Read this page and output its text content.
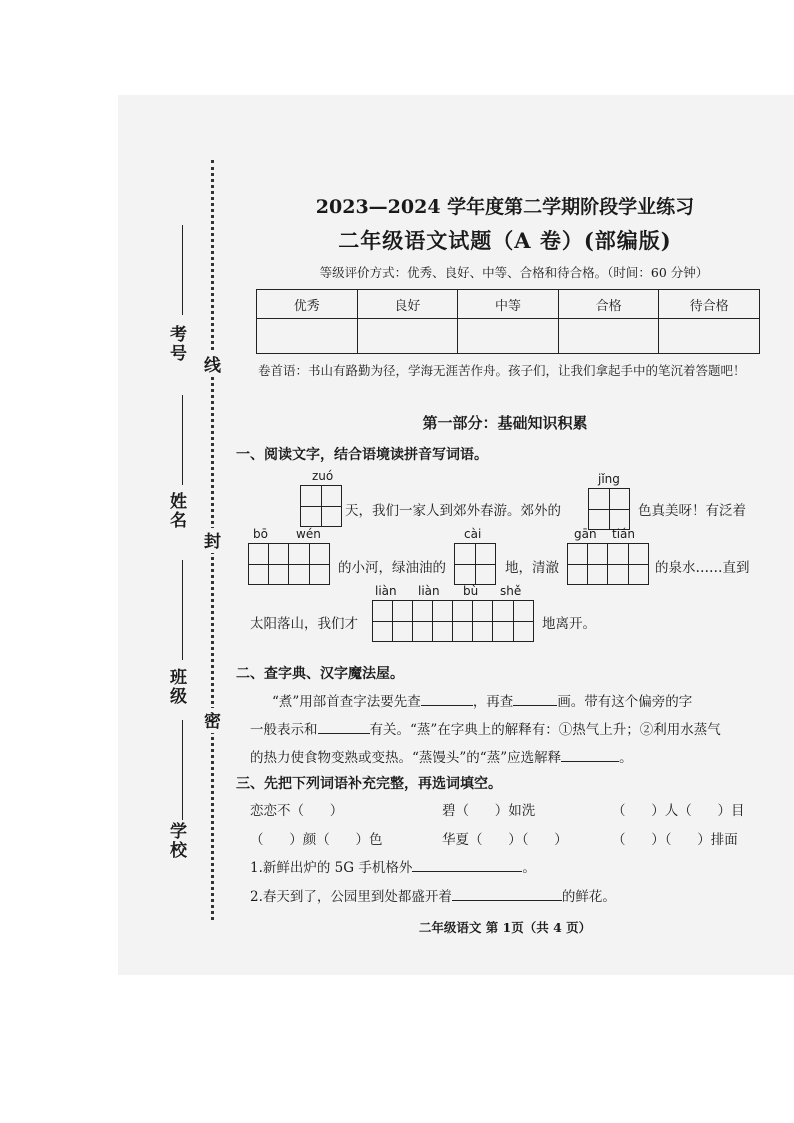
考号
姓名
班级
学校
线
封
密
2023—2024 学年度第二学期阶段学业练习
二年级语文试题（A 卷）(部编版)
等级评价方式：优秀、良好、中等、合格和待合格。（时间：60 分钟）
优秀	良好	中等	合格	待合格

卷首语：书山有路勤为径，学海无涯苦作舟。孩子们，让我们拿起手中的笔沉着答题吧！
第一部分：基础知识积累
一、阅读文字，结合语境读拼音写词语。
zuó
天，我们一家人到郊外春游。郊外的
jǐng
色真美呀！有泛着
bō wén
的小河，绿油油的
cài
地，清澈
gān tián
的泉水……直到
太阳落山，我们才
liàn liàn bù shě
地离开。
二、查字典、汉字魔法屋。
“煮”用部首查字法要先查	，再查	画。带有这个偏旁的字
一般表示和	有关。“蒸”在字典上的解释有：①热气上升；②利用水蒸气
的热力使食物变熟或变热。“蒸馒头”的“蒸”应选解释	。
三、先把下列词语补充完整，再选词填空。
恋恋不（      ）	碧（      ）如洗	（      ）人（      ）目
（      ）颜（      ）色	华夏（      ）（      ）	（      ）（      ）排面
1.新鲜出炉的 5G 手机格外	。
2.春天到了，公园里到处都盛开着	的鲜花。
二年级语文 第 1页（共 4 页）
